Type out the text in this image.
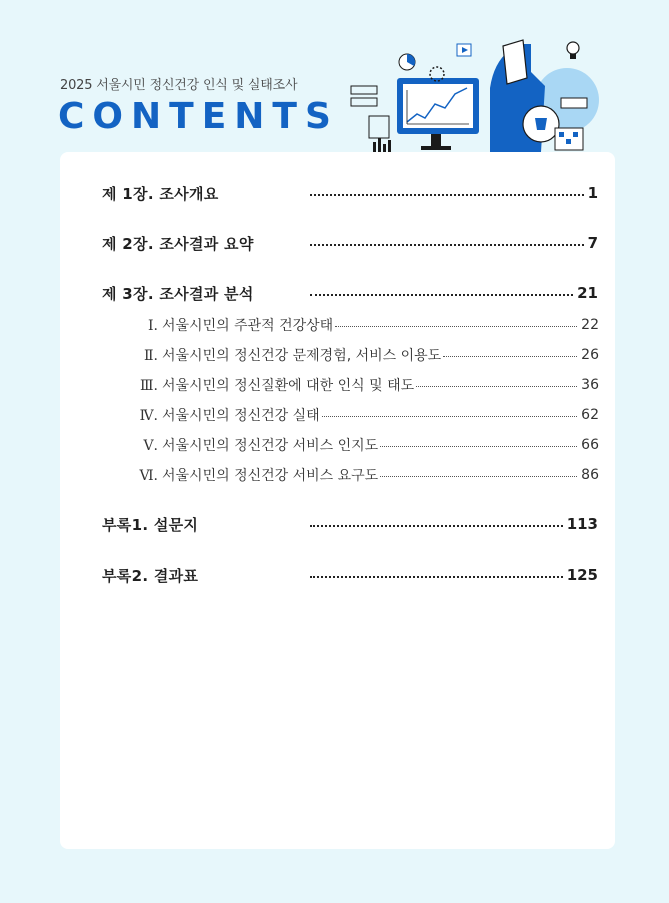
2025 서울시민 정신건강 인식 및 실태조사
CONTENTS
제 1장. 조사개요	1
제 2장. 조사결과 요약	7
제 3장. 조사결과 분석	21
Ⅰ. 서울시민의 주관적 건강상태	22
Ⅱ. 서울시민의 정신건강 문제경험, 서비스 이용도	26
Ⅲ. 서울시민의 정신질환에 대한 인식 및 태도	36
Ⅳ. 서울시민의 정신건강 실태	62
Ⅴ. 서울시민의 정신건강 서비스 인지도	66
Ⅵ. 서울시민의 정신건강 서비스 요구도	86
부록1. 설문지	113
부록2. 결과표	125
